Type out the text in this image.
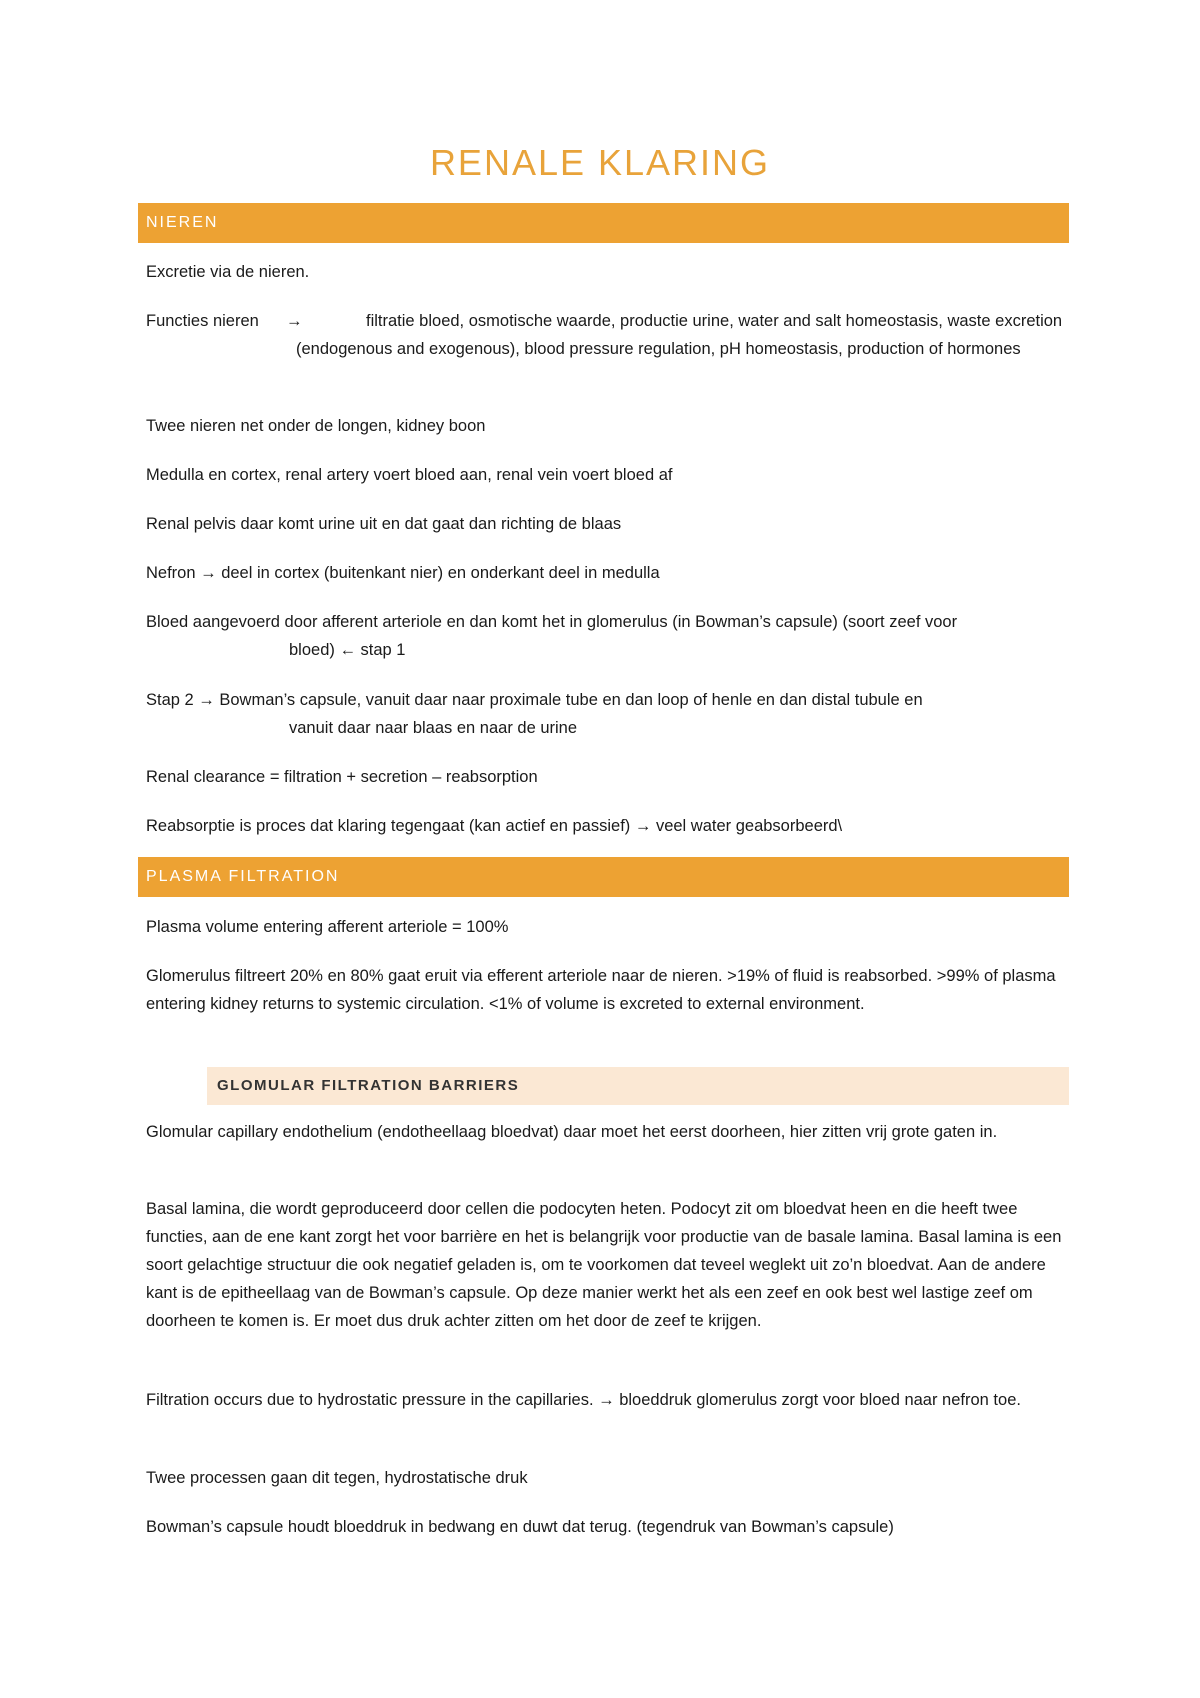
RENALE KLARING
NIEREN

Excretie via de nieren.

Functies nieren	→	filtratie bloed, osmotische waarde, productie urine, water and salt homeostasis, waste excretion (endogenous and exogenous), blood pressure regulation, pH homeostasis, production of hormones

Twee nieren net onder de longen, kidney boon

Medulla en cortex, renal artery voert bloed aan, renal vein voert bloed af

Renal pelvis daar komt urine uit en dat gaat dan richting de blaas

Nefron → deel in cortex (buitenkant nier) en onderkant deel in medulla

Bloed aangevoerd door afferent arteriole en dan komt het in glomerulus (in Bowman’s capsule) (soort zeef voor
bloed) ← stap 1
Stap 2 → Bowman’s capsule, vanuit daar naar proximale tube en dan loop of henle en dan distal tubule en
vanuit daar naar blaas en naar de urine

Renal clearance = filtration + secretion – reabsorption

Reabsorptie is proces dat klaring tegengaat (kan actief en passief) → veel water geabsorbeerd\

PLASMA FILTRATION

Plasma volume entering afferent arteriole = 100%

Glomerulus filtreert 20% en 80% gaat eruit via efferent arteriole naar de nieren. >19% of fluid is reabsorbed. >99% of plasma entering kidney returns to systemic circulation. <1% of volume is excreted to external environment.

GLOMULAR FILTRATION BARRIERS

Glomular capillary endothelium (endotheellaag bloedvat) daar moet het eerst doorheen, hier zitten vrij grote gaten in.

Basal lamina, die wordt geproduceerd door cellen die podocyten heten. Podocyt zit om bloedvat heen en die heeft twee functies, aan de ene kant zorgt het voor barrière en het is belangrijk voor productie van de basale lamina. Basal lamina is een soort gelachtige structuur die ook negatief geladen is, om te voorkomen dat teveel weglekt uit zo’n bloedvat. Aan de andere kant is de epitheellaag van de Bowman’s capsule. Op deze manier werkt het als een zeef en ook best wel lastige zeef om doorheen te komen is. Er moet dus druk achter zitten om het door de zeef te krijgen.

Filtration occurs due to hydrostatic pressure in the capillaries. → bloeddruk glomerulus zorgt voor bloed naar nefron toe.

Twee processen gaan dit tegen, hydrostatische druk

Bowman’s capsule houdt bloeddruk in bedwang en duwt dat terug. (tegendruk van Bowman’s capsule)
